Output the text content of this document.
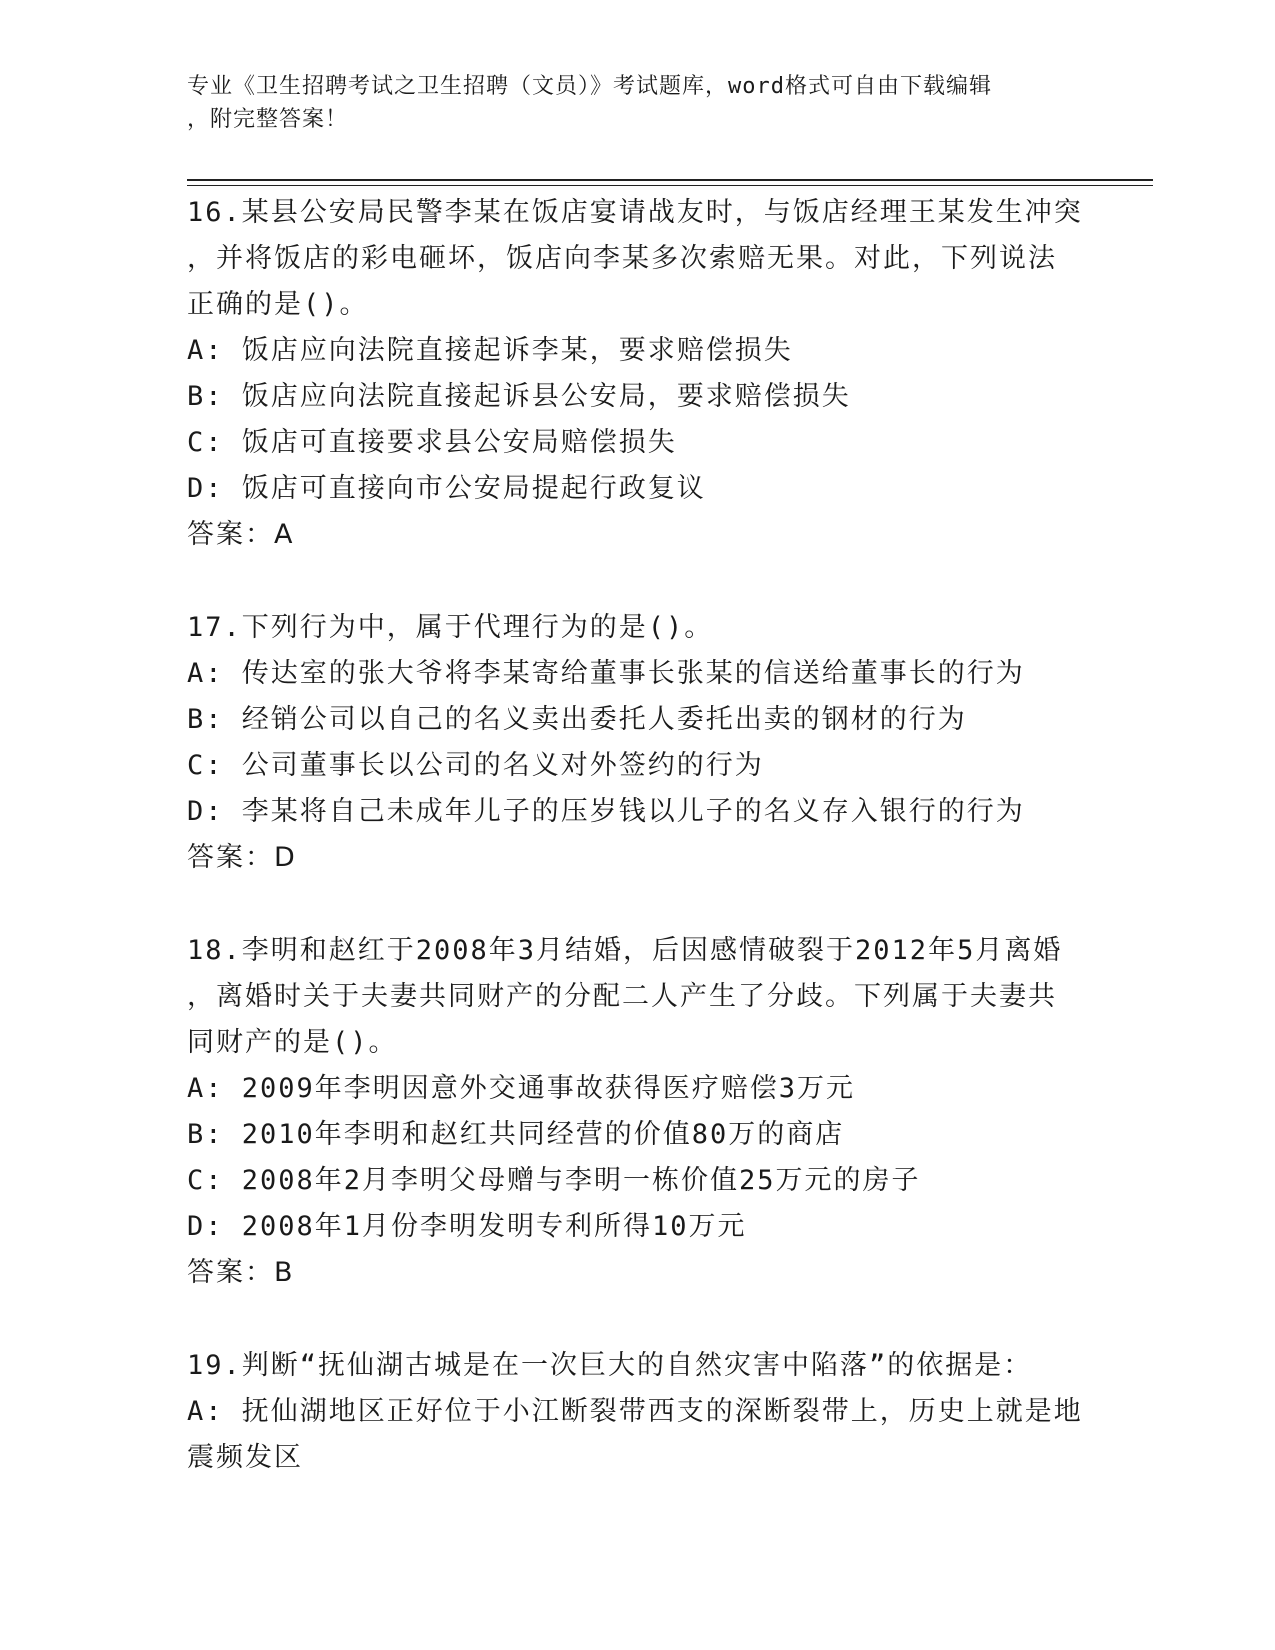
专业《卫生招聘考试之卫生招聘（文员）》考试题库，word格式可自由下载编辑
，附完整答案！
16.某县公安局民警李某在饭店宴请战友时，与饭店经理王某发生冲突
，并将饭店的彩电砸坏，饭店向李某多次索赔无果。对此，下列说法
正确的是()。
A: 饭店应向法院直接起诉李某，要求赔偿损失
B: 饭店应向法院直接起诉县公安局，要求赔偿损失
C: 饭店可直接要求县公安局赔偿损失
D: 饭店可直接向市公安局提起行政复议
答案：A
17.下列行为中，属于代理行为的是()。
A: 传达室的张大爷将李某寄给董事长张某的信送给董事长的行为
B: 经销公司以自己的名义卖出委托人委托出卖的钢材的行为
C: 公司董事长以公司的名义对外签约的行为
D: 李某将自己未成年儿子的压岁钱以儿子的名义存入银行的行为
答案：D
18.李明和赵红于2008年3月结婚，后因感情破裂于2012年5月离婚
，离婚时关于夫妻共同财产的分配二人产生了分歧。下列属于夫妻共
同财产的是()。
A: 2009年李明因意外交通事故获得医疗赔偿3万元
B: 2010年李明和赵红共同经营的价值80万的商店
C: 2008年2月李明父母赠与李明一栋价值25万元的房子
D: 2008年1月份李明发明专利所得10万元
答案：B
19.判断“抚仙湖古城是在一次巨大的自然灾害中陷落”的依据是：
A: 抚仙湖地区正好位于小江断裂带西支的深断裂带上，历史上就是地
震频发区
